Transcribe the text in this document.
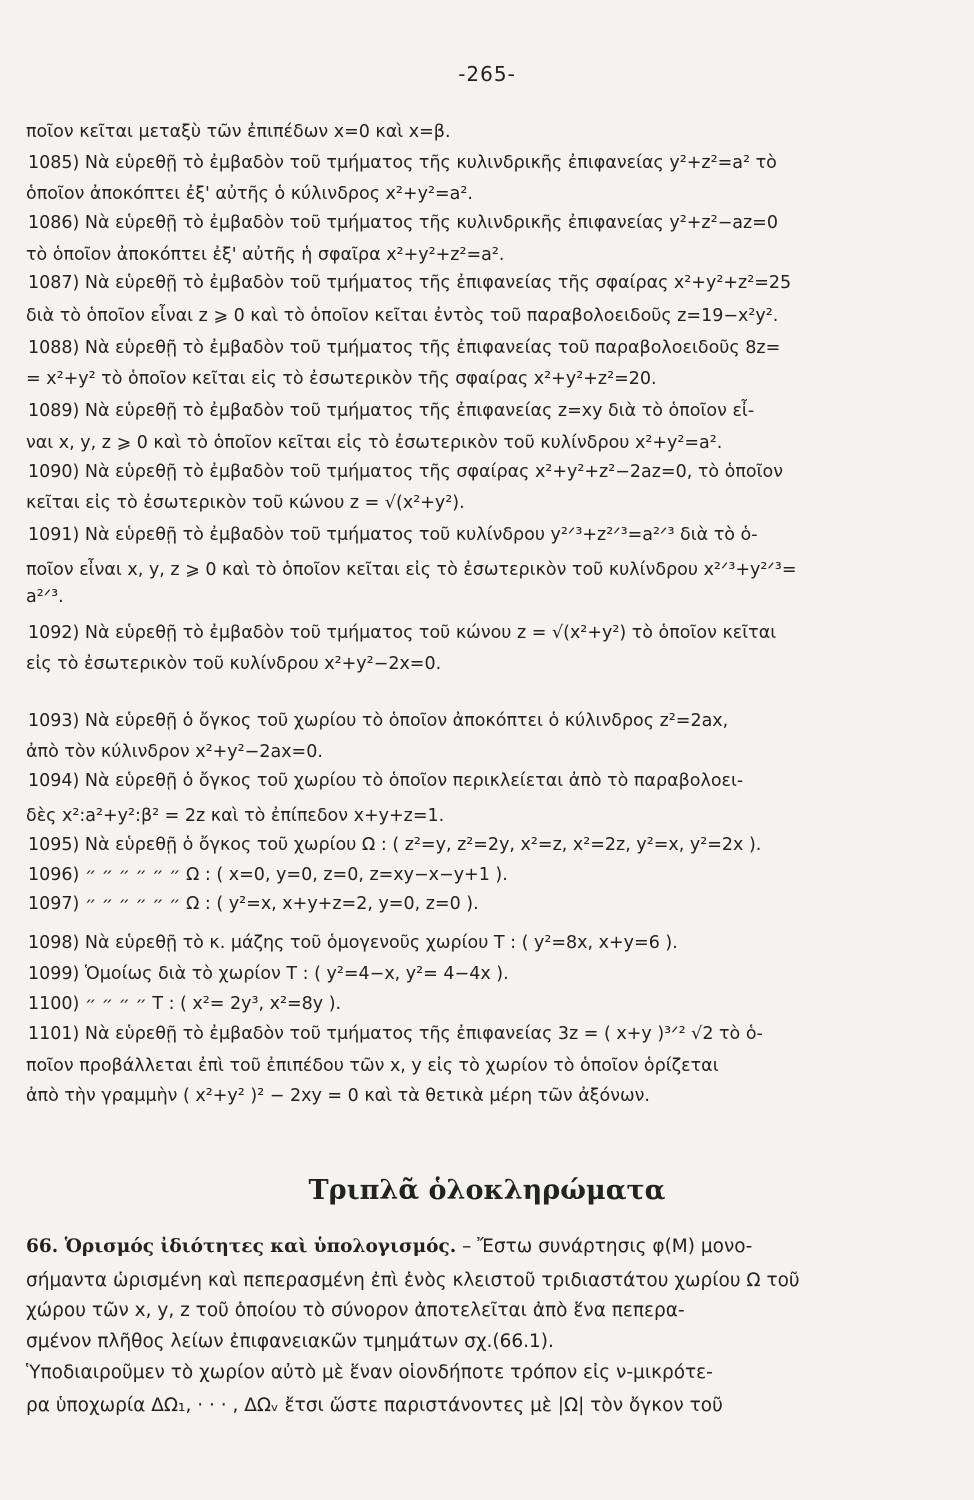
-265-
ποῖον κεῖται μεταξὺ τῶν ἐπιπέδων x=0 καὶ x=β.
1085) Νὰ εὑρεθῇ τὸ ἐμβαδὸν τοῦ τμήματος τῆς κυλινδρικῆς ἐπιφανείας y²+z²=a² τὸ
ὁποῖον ἀποκόπτει ἐξ' αὐτῆς ὁ κύλινδρος x²+y²=a².
1086) Νὰ εὑρεθῇ τὸ ἐμβαδὸν τοῦ τμήματος τῆς κυλινδρικῆς ἐπιφανείας y²+z²−az=0
τὸ ὁποῖον ἀποκόπτει ἐξ' αὐτῆς ἡ σφαῖρα x²+y²+z²=a².
1087) Νὰ εὑρεθῇ τὸ ἐμβαδὸν τοῦ τμήματος τῆς ἐπιφανείας τῆς σφαίρας x²+y²+z²=25
διὰ τὸ ὁποῖον εἶναι z ⩾ 0 καὶ τὸ ὁποῖον κεῖται ἐντὸς τοῦ παραβολοειδοῦς z=19−x²y².
1088) Νὰ εὑρεθῇ τὸ ἐμβαδὸν τοῦ τμήματος τῆς ἐπιφανείας τοῦ παραβολοειδοῦς 8z=
= x²+y² τὸ ὁποῖον κεῖται εἰς τὸ ἐσωτερικὸν τῆς σφαίρας x²+y²+z²=20.
1089) Νὰ εὑρεθῇ τὸ ἐμβαδὸν τοῦ τμήματος τῆς ἐπιφανείας z=xy διὰ τὸ ὁποῖον εἶ-
ναι x, y, z ⩾ 0 καὶ τὸ ὁποῖον κεῖται εἰς τὸ ἐσωτερικὸν τοῦ κυλίνδρου x²+y²=a².
1090) Νὰ εὑρεθῇ τὸ ἐμβαδὸν τοῦ τμήματος τῆς σφαίρας x²+y²+z²−2az=0, τὸ ὁποῖον
κεῖται εἰς τὸ ἐσωτερικὸν τοῦ κώνου z = √(x²+y²).
1091) Νὰ εὑρεθῇ τὸ ἐμβαδὸν τοῦ τμήματος τοῦ κυλίνδρου y²ᐟ³+z²ᐟ³=a²ᐟ³ διὰ τὸ ὁ-
ποῖον εἶναι x, y, z ⩾ 0 καὶ τὸ ὁποῖον κεῖται εἰς τὸ ἐσωτερικὸν τοῦ κυλίνδρου x²ᐟ³+y²ᐟ³=
a²ᐟ³.
1092) Νὰ εὑρεθῇ τὸ ἐμβαδὸν τοῦ τμήματος τοῦ κώνου z = √(x²+y²) τὸ ὁποῖον κεῖται
εἰς τὸ ἐσωτερικὸν τοῦ κυλίνδρου x²+y²−2x=0.
1093) Νὰ εὑρεθῇ ὁ ὄγκος τοῦ χωρίου τὸ ὁποῖον ἀποκόπτει ὁ κύλινδρος z²=2ax,
ἀπὸ τὸν κύλινδρον x²+y²−2ax=0.
1094) Νὰ εὑρεθῇ ὁ ὄγκος τοῦ χωρίου τὸ ὁποῖον περικλείεται ἀπὸ τὸ παραβολοει-
δὲς x²:a²+y²:β² = 2z καὶ τὸ ἐπίπεδον x+y+z=1.
1095) Νὰ εὑρεθῇ ὁ ὄγκος τοῦ χωρίου Ω : ( z²=y, z²=2y, x²=z, x²=2z, y²=x, y²=2x ).
1096) ״ ״ ״ ״ ״ ״ Ω : ( x=0, y=0, z=0, z=xy−x−y+1 ).
1097) ״ ״ ״ ״ ״ ״ Ω : ( y²=x, x+y+z=2, y=0, z=0 ).
1098) Νὰ εὑρεθῇ τὸ κ. μάζης τοῦ ὁμογενοῦς χωρίου T : ( y²=8x, x+y=6 ).
1099) Ὁμοίως διὰ τὸ χωρίον T : ( y²=4−x, y²= 4−4x ).
1100) ״ ״ ״ ״ T : ( x²= 2y³, x²=8y ).
1101) Νὰ εὑρεθῇ τὸ ἐμβαδὸν τοῦ τμήματος τῆς ἐπιφανείας 3z = ( x+y )³ᐟ² √2 τὸ ὁ-
ποῖον προβάλλεται ἐπὶ τοῦ ἐπιπέδου τῶν x, y εἰς τὸ χωρίον τὸ ὁποῖον ὁρίζεται
ἀπὸ τὴν γραμμὴν ( x²+y² )² − 2xy = 0 καὶ τὰ θετικὰ μέρη τῶν ἀξόνων.
Τριπλᾶ ὁλοκληρώματα
66. Ὁρισμός ἰδιότητες καὶ ὑπολογισμός. – Ἔστω συνάρτησις φ(M) μονο-
σήμαντα ὡρισμένη καὶ πεπερασμένη ἐπὶ ἑνὸς κλειστοῦ τριδιαστάτου χωρίου Ω τοῦ
χώρου τῶν x, y, z τοῦ ὁποίου τὸ σύνορον ἀποτελεῖται ἀπὸ ἕνα πεπερα-
σμένον πλῆθος λείων ἐπιφανειακῶν τμημάτων σχ.(66.1).
Ὑποδιαιροῦμεν τὸ χωρίον αὐτὸ μὲ ἕναν οἱονδήποτε τρόπον εἰς ν-μικρότε-
ρα ὑποχωρία ΔΩ₁, · · · , ΔΩᵥ ἔτσι ὥστε παριστάνοντες μὲ |Ω| τὸν ὄγκον τοῦ
